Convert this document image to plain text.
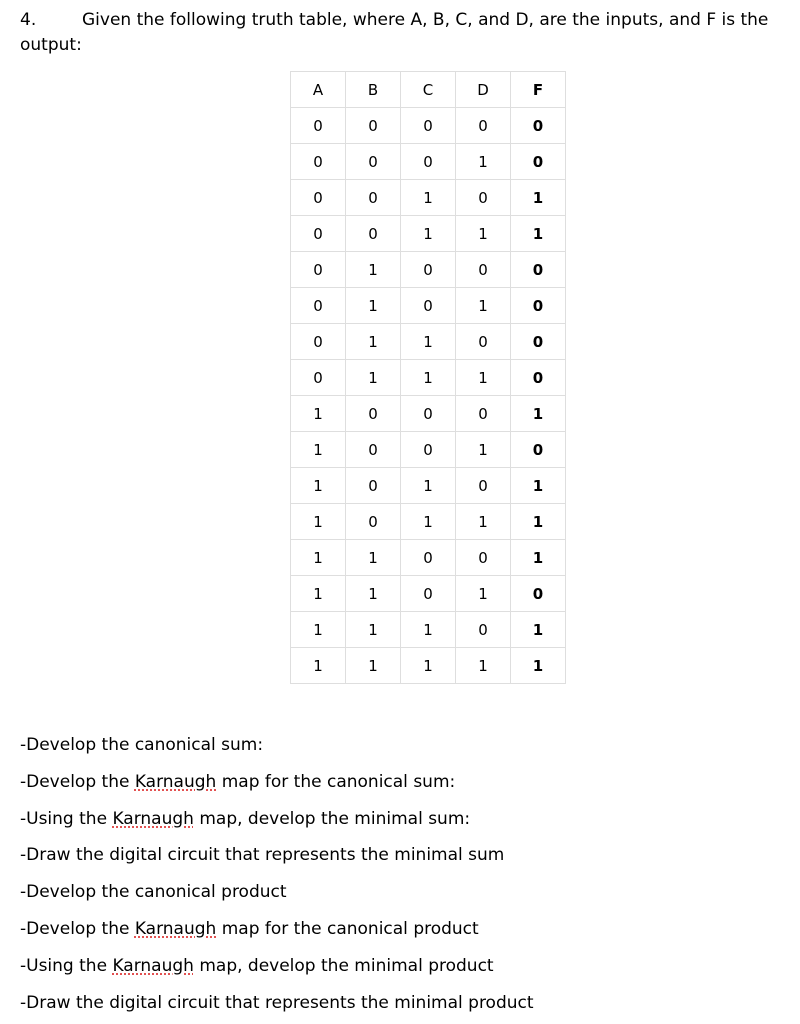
4.	Given the following truth table, where A, B, C, and D, are the inputs, and F is the output:
A	B	C	D	F
0	0	0	0	0
0	0	0	1	0
0	0	1	0	1
0	0	1	1	1
0	1	0	0	0
0	1	0	1	0
0	1	1	0	0
0	1	1	1	0
1	0	0	0	1
1	0	0	1	0
1	0	1	0	1
1	0	1	1	1
1	1	0	0	1
1	1	0	1	0
1	1	1	0	1
1	1	1	1	1
-Develop the canonical sum:
-Develop the Karnaugh map for the canonical sum:
-Using the Karnaugh map, develop the minimal sum:
-Draw the digital circuit that represents the minimal sum
-Develop the canonical product
-Develop the Karnaugh map for the canonical product
-Using the Karnaugh map, develop the minimal product
-Draw the digital circuit that represents the minimal product
